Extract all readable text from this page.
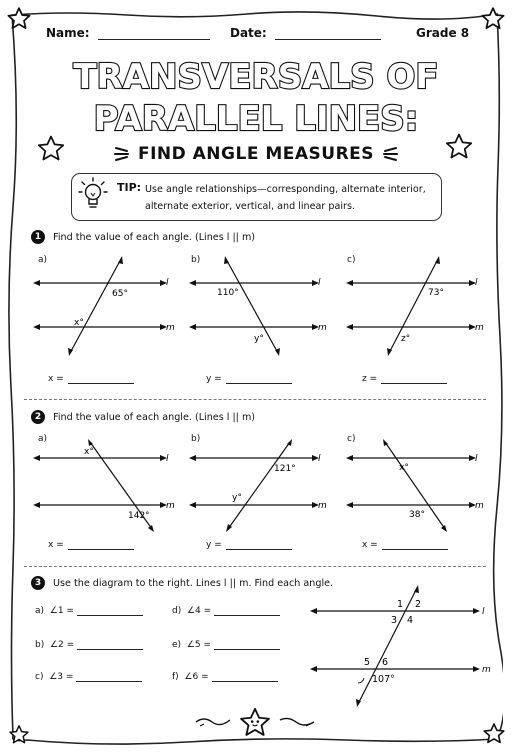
Name:	Date:	Grade 8
TRANSVERSALS OF
PARALLEL LINES:
FIND ANGLE MEASURES
TIP: Use angle relationships—corresponding, alternate interior, alternate exterior, vertical, and linear pairs.
1	Find the value of each angle. (Lines l || m)
a)
l
m
65°
x°
x =
b)
l
m
110°
y°
y =
c)
l
m
73°
z°
z =
2	Find the value of each angle. (Lines l || m)
a)
l
m
x°
142°
x =
b)
l
m
121°
y°
y =
c)
l
m
x°
38°
x =
3	Use the diagram to the right. Lines l || m. Find each angle.
a) ∠1 =
b) ∠2 =
c) ∠3 =
d) ∠4 =
e) ∠5 =
f) ∠6 =
l
m
1 2
3 4
5 6
107°
